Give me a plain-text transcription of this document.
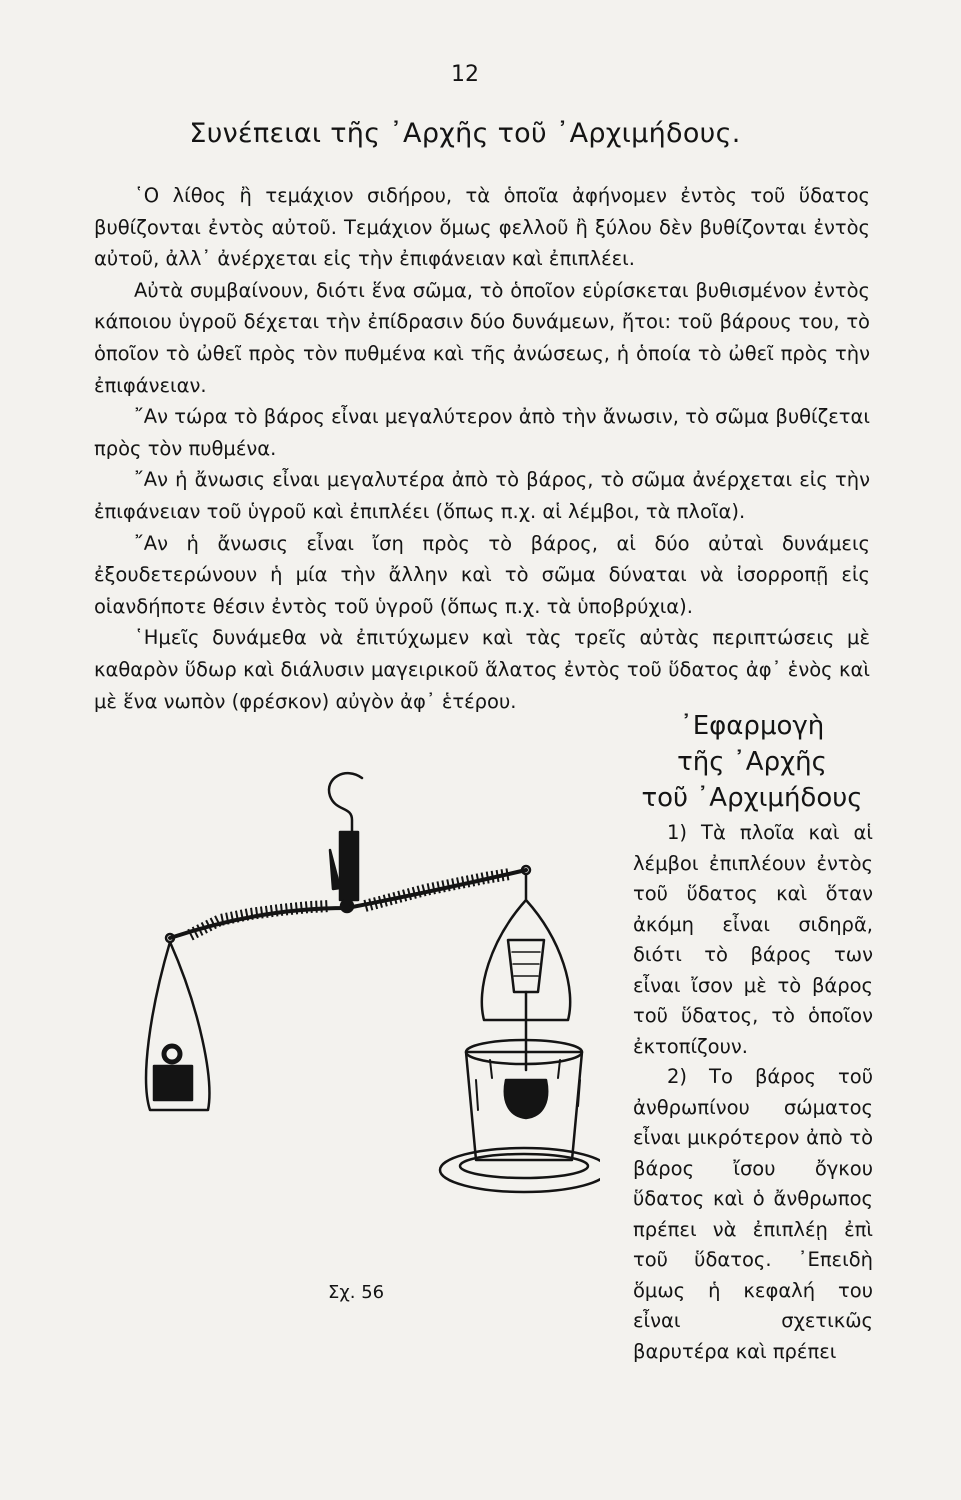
12
Συνέπειαι τῆς ᾿Αρχῆς τοῦ ᾿Αρχιμήδους.

῾Ο λίθος ἢ τεμάχιον σιδήρου, τὰ ὁποῖα ἀφήνομεν ἐντὸς τοῦ ὕδατος βυθίζονται ἐντὸς αὐτοῦ. Τεμάχιον ὅμως φελλοῦ ἢ ξύλου δὲν βυθίζονται ἐντὸς αὐτοῦ, ἀλλ᾿ ἀνέρχεται εἰς τὴν ἐπιφάνειαν καὶ ἐπιπλέει.

Αὐτὰ συμβαίνουν, διότι ἕνα σῶμα, τὸ ὁποῖον εὑρίσκεται βυθισμένον ἐντὸς κάποιου ὑγροῦ δέχεται τὴν ἐπίδρασιν δύο δυνάμεων, ἤτοι: τοῦ βάρους του, τὸ ὁποῖον τὸ ὠθεῖ πρὸς τὸν πυθμένα καὶ τῆς ἀνώσεως, ἡ ὁποία τὸ ὠθεῖ πρὸς τὴν ἐπιφάνειαν.

῎Αν τώρα τὸ βάρος εἶναι μεγαλύτερον ἀπὸ τὴν ἄνωσιν, τὸ σῶμα βυθίζεται πρὸς τὸν πυθμένα.

῎Αν ἡ ἄνωσις εἶναι μεγαλυτέρα ἀπὸ τὸ βάρος, τὸ σῶμα ἀνέρχεται εἰς τὴν ἐπιφάνειαν τοῦ ὑγροῦ καὶ ἐπιπλέει (ὅπως π.χ. αἱ λέμβοι, τὰ πλοῖα).

῎Αν ἡ ἄνωσις εἶναι ἴση πρὸς τὸ βάρος, αἱ δύο αὐταὶ δυνάμεις ἐξουδετερώνουν ἡ μία τὴν ἄλλην καὶ τὸ σῶμα δύναται νὰ ἰσορροπῇ εἰς οἱανδήποτε θέσιν ἐντὸς τοῦ ὑγροῦ (ὅπως π.χ. τὰ ὑποβρύχια).

῾Ημεῖς δυνάμεθα νὰ ἐπιτύχωμεν καὶ τὰς τρεῖς αὐτὰς περιπτώσεις μὲ καθαρὸν ὕδωρ καὶ διάλυσιν μαγειρικοῦ ἅλατος ἐντὸς τοῦ ὕδατος ἀφ᾿ ἑνὸς καὶ μὲ ἕνα νωπὸν (φρέσκον) αὐγὸν ἀφ᾿ ἑτέρου.

᾿Εφαρμογὴ
τῆς ᾿Αρχῆς
τοῦ ᾿Αρχιμήδους

1) Τὰ πλοῖα καὶ αἱ λέμβοι ἐπιπλέουν ἐντὸς τοῦ ὕδατος καὶ ὅταν ἀκόμη εἶναι σιδηρᾶ, διότι τὸ βάρος των εἶναι ἴσον μὲ τὸ βάρος τοῦ ὕδατος, τὸ ὁποῖον ἐκτοπίζουν.

2) Το βάρος τοῦ ἀνθρωπίνου σώματος εἶναι μικρότερον ἀπὸ τὸ βάρος ἴσου ὄγκου ὕδατος καὶ ὁ ἄνθρωπος πρέπει νὰ ἐπιπλέῃ ἐπὶ τοῦ ὕδατος. ᾿Επειδὴ ὅμως ἡ κεφαλή του εἶναι σχετικῶς βαρυτέρα καὶ πρέπει

Σχ. 56
